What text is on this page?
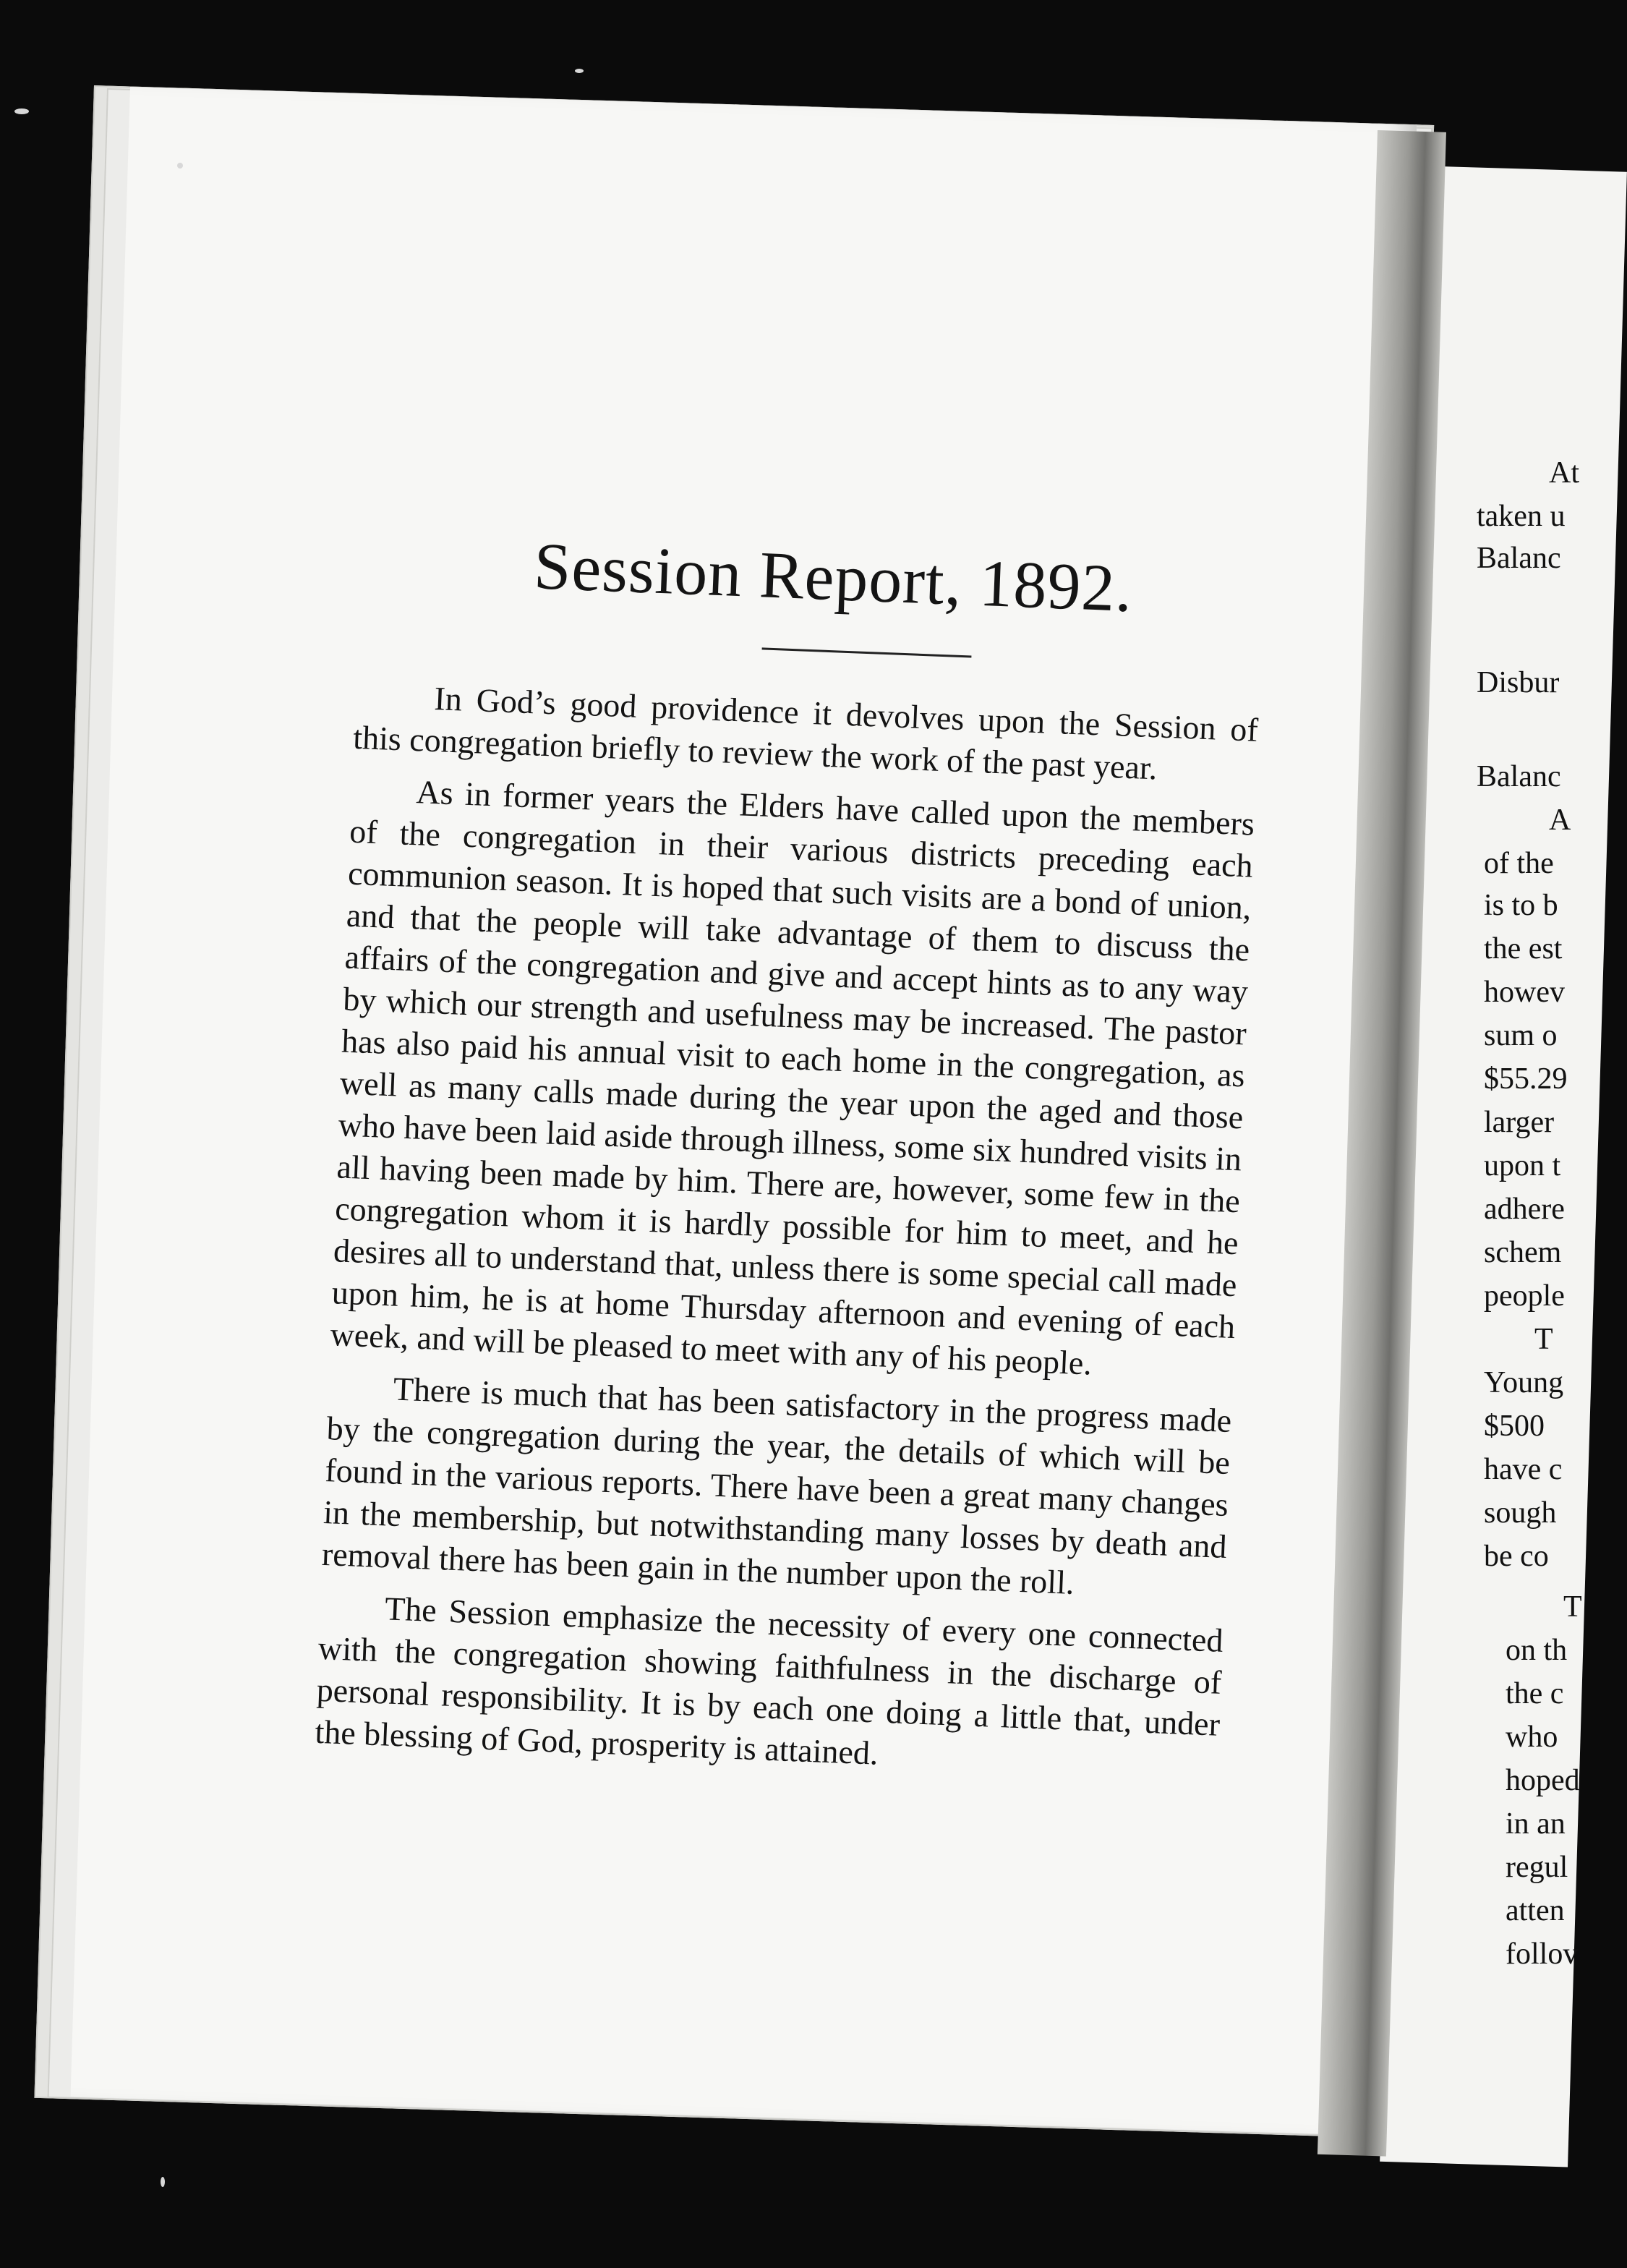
Session Report, 1892.

In God’s good providence it devolves upon the Session of this congregation briefly to review the work of the past year.

As in former years the Elders have called upon the members of the congregation in their various districts preceding each communion season. It is hoped that such visits are a bond of union, and that the people will take advantage of them to discuss the affairs of the congregation and give and accept hints as to any way by which our strength and usefulness may be increased. The pastor has also paid his annual visit to each home in the congregation, as well as many calls made during the year upon the aged and those who have been laid aside through illness, some six hundred visits in all having been made by him. There are, however, some few in the congregation whom it is hardly possible for him to meet, and he desires all to understand that, unless there is some special call made upon him, he is at home Thursday afternoon and evening of each week, and will be pleased to meet with any of his people.

There is much that has been satisfactory in the progress made by the congregation during the year, the details of which will be found in the various reports. There have been a great many changes in the membership, but notwithstanding many losses by death and removal there has been gain in the number upon the roll.

The Session emphasize the necessity of every one connected with the congregation showing faithfulness in the discharge of personal responsibility. It is by each one doing a little that, under the blessing of God, prosperity is attained.

At
taken u
Balanc
Disbur
Balanc
A
of the
is to b
the est
howev
sum o
$55.29
larger
upon t
adhere
schem
people
T
Young
$500
have c
sough
be co
T
on th
the c
who
hoped
in an
regul
atten
follov
